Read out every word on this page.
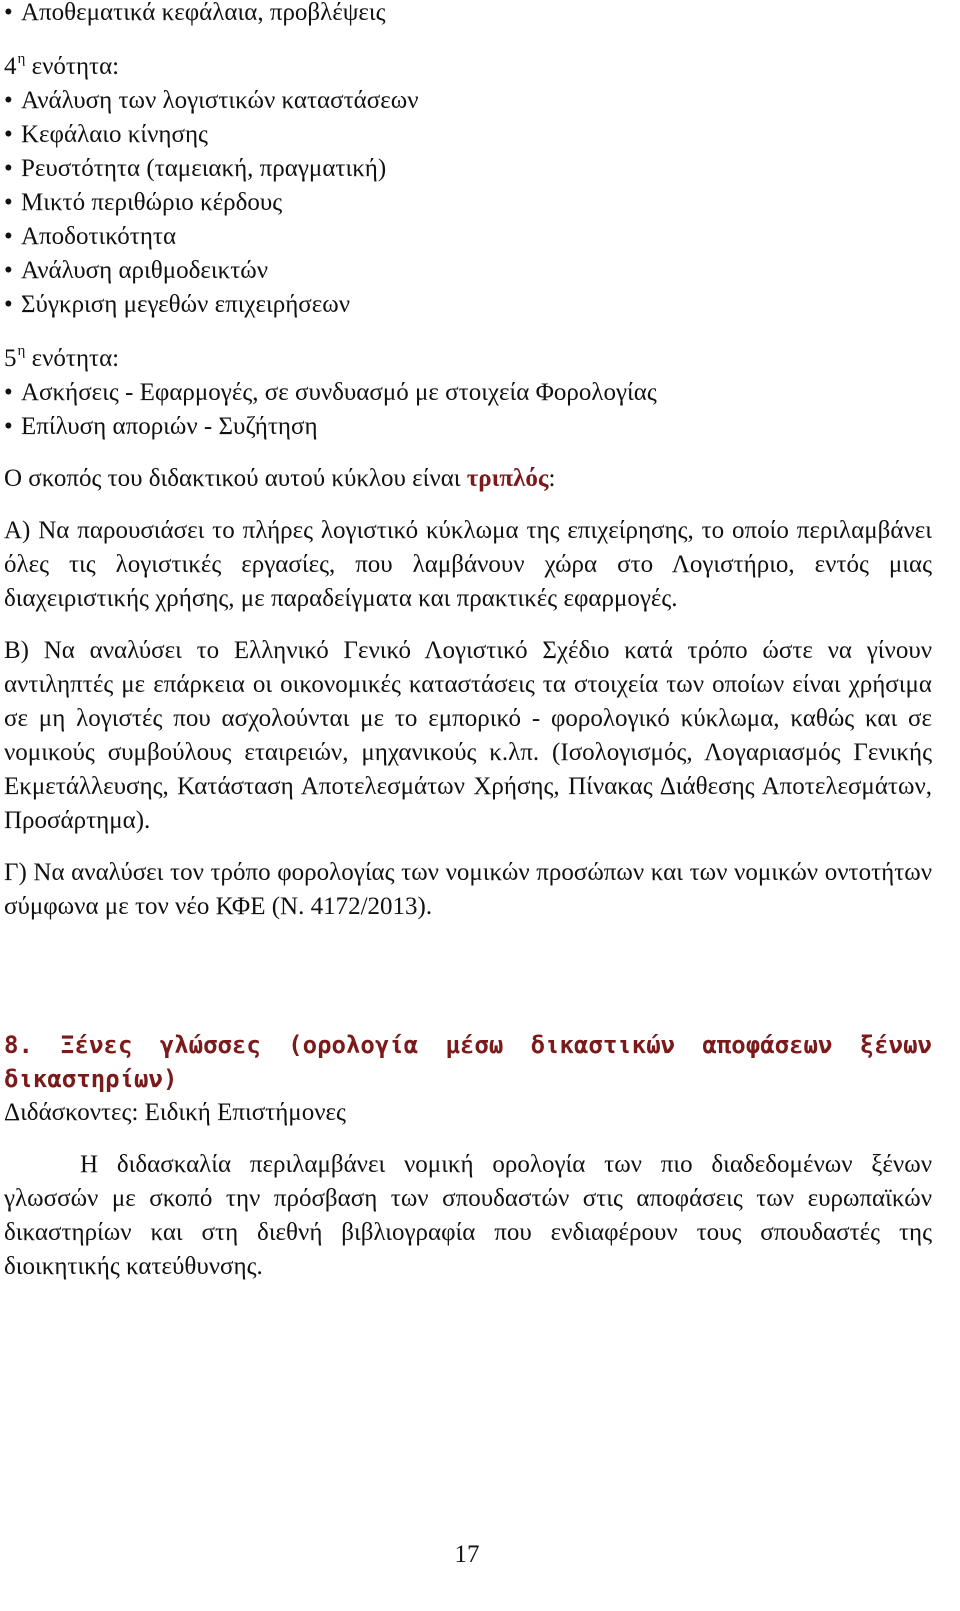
• Αποθεματικά κεφάλαια, προβλέψεις
$4^\eta$ ενότητα:
• Ανάλυση των λογιστικών καταστάσεων
• Κεφάλαιο κίνησης
• Ρευστότητα (ταμειακή, πραγματική)
• Μικτό περιθώριο κέρδους
• Αποδοτικότητα
• Ανάλυση αριθμοδεικτών
• Σύγκριση μεγεθών επιχειρήσεων
$5^\eta$ ενότητα:
• Ασκήσεις - Εφαρμογές, σε συνδυασμό με στοιχεία Φορολογίας
• Επίλυση αποριών - Συζήτηση
Ο σκοπός του διδακτικού αυτού κύκλου είναι τριπλός:
Α) Να παρουσιάσει το πλήρες λογιστικό κύκλωμα της επιχείρησης, το οποίο περιλαμβάνει όλες τις λογιστικές εργασίες, που λαμβάνουν χώρα στο Λογιστήριο, εντός μιας διαχειριστικής χρήσης, με παραδείγματα και πρακτικές εφαρμογές.
Β) Να αναλύσει το Ελληνικό Γενικό Λογιστικό Σχέδιο κατά τρόπο ώστε να γίνουν αντιληπτές με επάρκεια οι οικονομικές καταστάσεις τα στοιχεία των οποίων είναι χρήσιμα σε μη λογιστές που ασχολούνται με το εμπορικό - φορολογικό κύκλωμα, καθώς και σε νομικούς συμβούλους εταιρειών, μηχανικούς κ.λπ. (Ισολογισμός, Λογαριασμός Γενικής Εκμετάλλευσης, Κατάσταση Αποτελεσμάτων Χρήσης, Πίνακας Διάθεσης Αποτελεσμάτων, Προσάρτημα).
Γ) Να αναλύσει τον τρόπο φορολογίας των νομικών προσώπων και των νομικών οντοτήτων σύμφωνα με τον νέο ΚΦΕ (Ν. 4172/2013).
8. Ξένες γλώσσες (ορολογία μέσω δικαστικών αποφάσεων ξένων δικαστηρίων)
Διδάσκοντες: Ειδική Επιστήμονες
Η διδασκαλία περιλαμβάνει νομική ορολογία των πιο διαδεδομένων ξένων γλωσσών με σκοπό την πρόσβαση των σπουδαστών στις αποφάσεις των ευρωπαϊκών δικαστηρίων και στη διεθνή βιβλιογραφία που ενδιαφέρουν τους σπουδαστές της διοικητικής κατεύθυνσης.
17
